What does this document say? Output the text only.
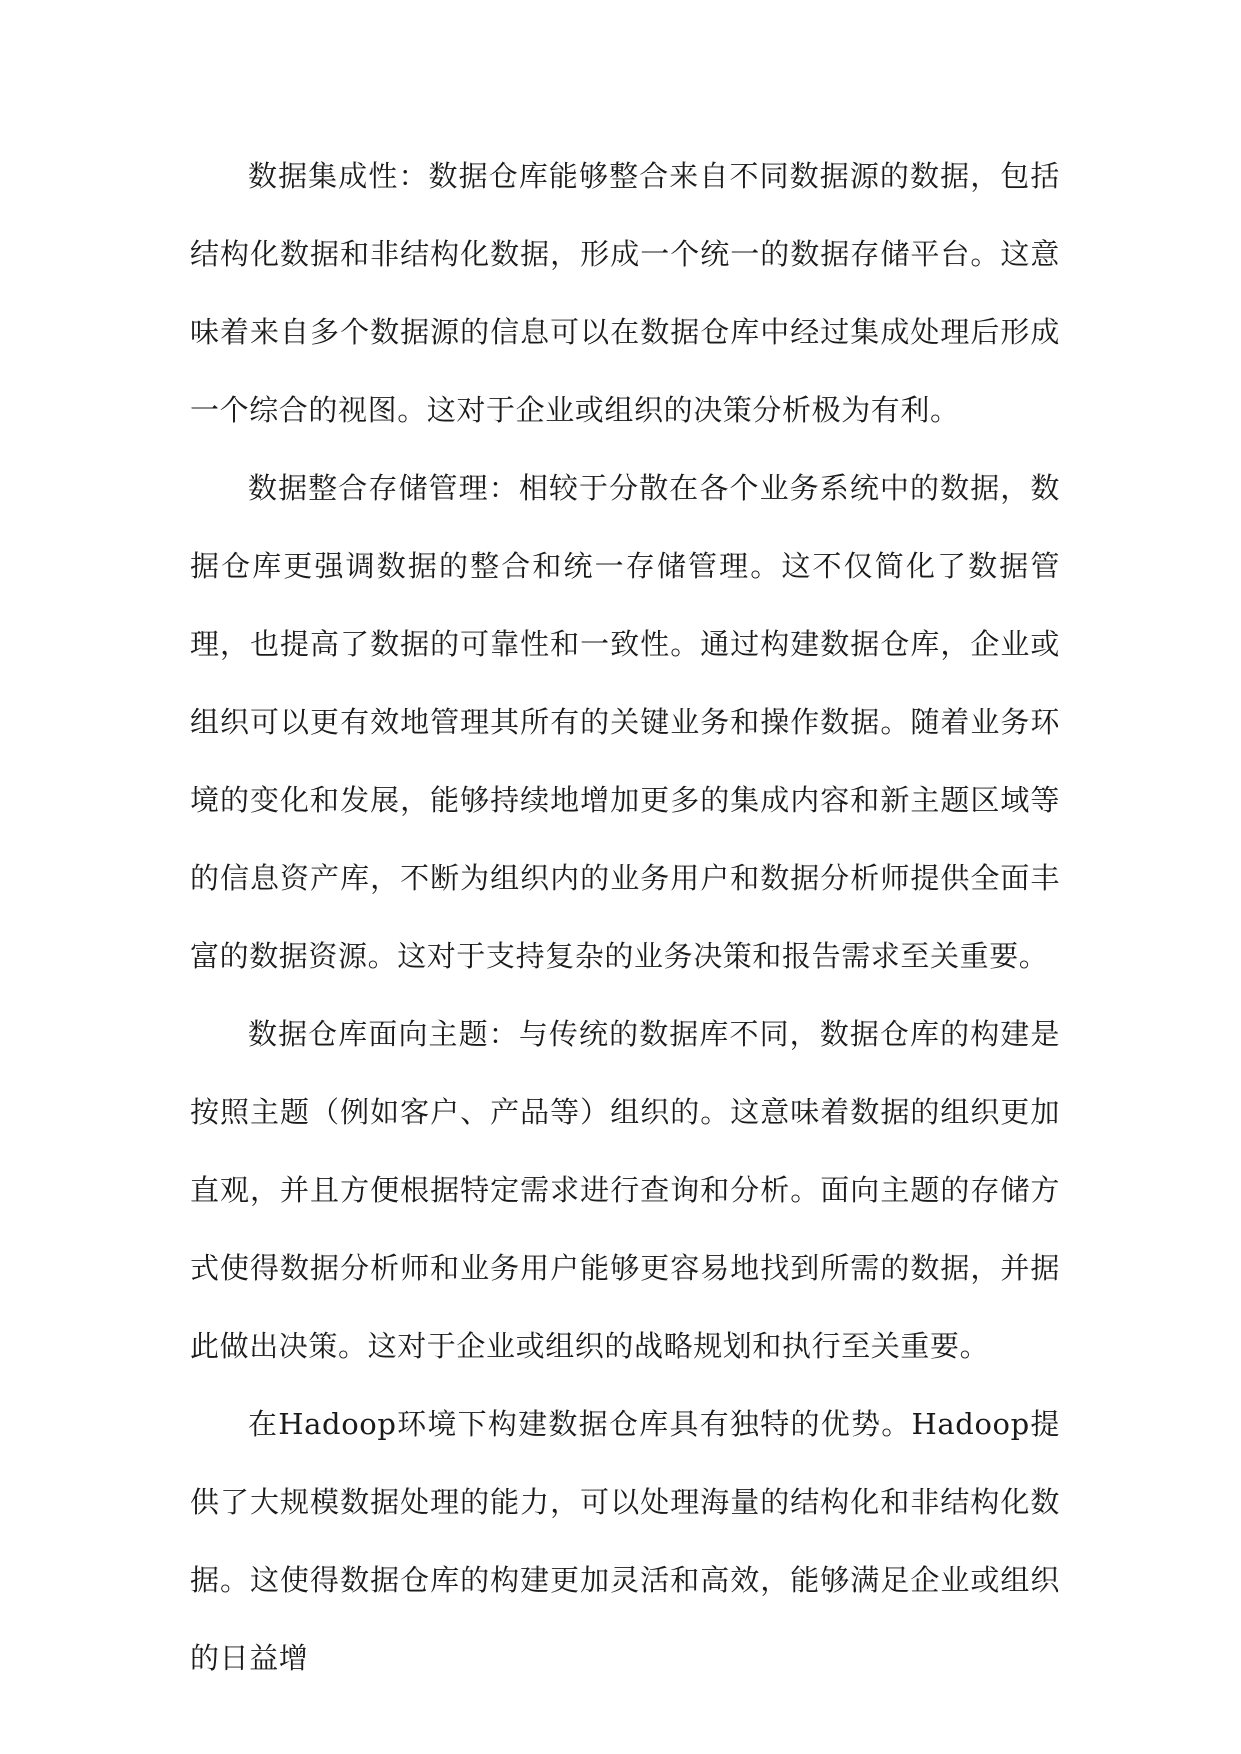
数据集成性：数据仓库能够整合来自不同数据源的数据，包括结构化数据和非结构化数据，形成一个统一的数据存储平台。这意味着来自多个数据源的信息可以在数据仓库中经过集成处理后形成一个综合的视图。这对于企业或组织的决策分析极为有利。

数据整合存储管理：相较于分散在各个业务系统中的数据，数据仓库更强调数据的整合和统一存储管理。这不仅简化了数据管理，也提高了数据的可靠性和一致性。通过构建数据仓库，企业或组织可以更有效地管理其所有的关键业务和操作数据。随着业务环境的变化和发展，能够持续地增加更多的集成内容和新主题区域等的信息资产库，不断为组织内的业务用户和数据分析师提供全面丰富的数据资源。这对于支持复杂的业务决策和报告需求至关重要。

数据仓库面向主题：与传统的数据库不同，数据仓库的构建是按照主题（例如客户、产品等）组织的。这意味着数据的组织更加直观，并且方便根据特定需求进行查询和分析。面向主题的存储方式使得数据分析师和业务用户能够更容易地找到所需的数据，并据此做出决策。这对于企业或组织的战略规划和执行至关重要。

在Hadoop环境下构建数据仓库具有独特的优势。Hadoop提供了大规模数据处理的能力，可以处理海量的结构化和非结构化数据。这使得数据仓库的构建更加灵活和高效，能够满足企业或组织的日益增
